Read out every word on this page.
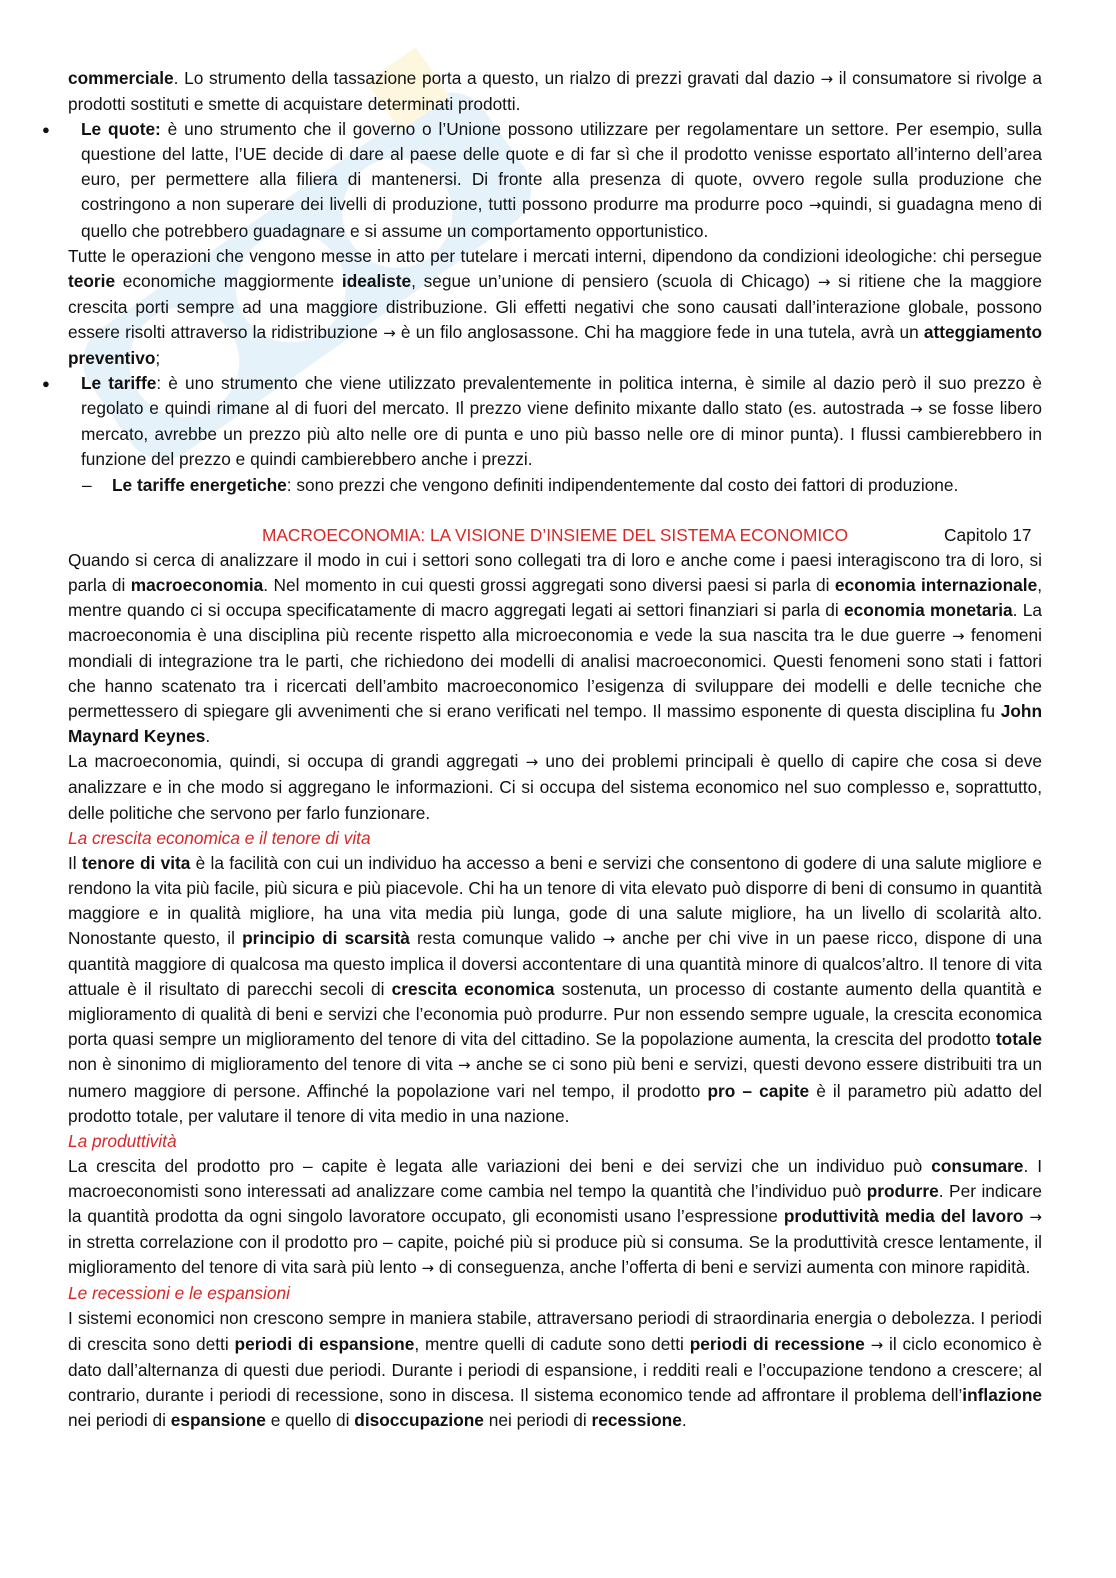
commerciale. Lo strumento della tassazione porta a questo, un rialzo di prezzi gravati dal dazio → il consumatore si rivolge a prodotti sostituti e smette di acquistare determinati prodotti.

● Le quote: è uno strumento che il governo o l’Unione possono utilizzare per regolamentare un settore. Per esempio, sulla questione del latte, l’UE decide di dare al paese delle quote e di far sì che il prodotto venisse esportato all’interno dell’area euro, per permettere alla filiera di mantenersi. Di fronte alla presenza di quote, ovvero regole sulla produzione che costringono a non superare dei livelli di produzione, tutti possono produrre ma produrre poco →quindi, si guadagna meno di quello che potrebbero guadagnare e si assume un comportamento opportunistico.

Tutte le operazioni che vengono messe in atto per tutelare i mercati interni, dipendono da condizioni ideologiche: chi persegue teorie economiche maggiormente idealiste, segue un’unione di pensiero (scuola di Chicago) → si ritiene che la maggiore crescita porti sempre ad una maggiore distribuzione. Gli effetti negativi che sono causati dall’interazione globale, possono essere risolti attraverso la ridistribuzione → è un filo anglosassone. Chi ha maggiore fede in una tutela, avrà un atteggiamento preventivo;

● Le tariffe: è uno strumento che viene utilizzato prevalentemente in politica interna, è simile al dazio però il suo prezzo è regolato e quindi rimane al di fuori del mercato. Il prezzo viene definito mixante dallo stato (es. autostrada → se fosse libero mercato, avrebbe un prezzo più alto nelle ore di punta e uno più basso nelle ore di minor punta). I flussi cambierebbero in funzione del prezzo e quindi cambierebbero anche i prezzi.

– Le tariffe energetiche: sono prezzi che vengono definiti indipendentemente dal costo dei fattori di produzione.

MACROECONOMIA: LA VISIONE D’INSIEME DEL SISTEMA ECONOMICO	Capitolo 17

Quando si cerca di analizzare il modo in cui i settori sono collegati tra di loro e anche come i paesi interagiscono tra di loro, si parla di macroeconomia. Nel momento in cui questi grossi aggregati sono diversi paesi si parla di economia internazionale, mentre quando ci si occupa specificatamente di macro aggregati legati ai settori finanziari si parla di economia monetaria. La macroeconomia è una disciplina più recente rispetto alla microeconomia e vede la sua nascita tra le due guerre → fenomeni mondiali di integrazione tra le parti, che richiedono dei modelli di analisi macroeconomici. Questi fenomeni sono stati i fattori che hanno scatenato tra i ricercati dell’ambito macroeconomico l’esigenza di sviluppare dei modelli e delle tecniche che permettessero di spiegare gli avvenimenti che si erano verificati nel tempo. Il massimo esponente di questa disciplina fu John Maynard Keynes.

La macroeconomia, quindi, si occupa di grandi aggregati → uno dei problemi principali è quello di capire che cosa si deve analizzare e in che modo si aggregano le informazioni. Ci si occupa del sistema economico nel suo complesso e, soprattutto, delle politiche che servono per farlo funzionare.

La crescita economica e il tenore di vita

Il tenore di vita è la facilità con cui un individuo ha accesso a beni e servizi che consentono di godere di una salute migliore e rendono la vita più facile, più sicura e più piacevole. Chi ha un tenore di vita elevato può disporre di beni di consumo in quantità maggiore e in qualità migliore, ha una vita media più lunga, gode di una salute migliore, ha un livello di scolarità alto. Nonostante questo, il principio di scarsità resta comunque valido → anche per chi vive in un paese ricco, dispone di una quantità maggiore di qualcosa ma questo implica il doversi accontentare di una quantità minore di qualcos’altro. Il tenore di vita attuale è il risultato di parecchi secoli di crescita economica sostenuta, un processo di costante aumento della quantità e miglioramento di qualità di beni e servizi che l’economia può produrre. Pur non essendo sempre uguale, la crescita economica porta quasi sempre un miglioramento del tenore di vita del cittadino. Se la popolazione aumenta, la crescita del prodotto totale non è sinonimo di miglioramento del tenore di vita → anche se ci sono più beni e servizi, questi devono essere distribuiti tra un numero maggiore di persone. Affinché la popolazione vari nel tempo, il prodotto pro – capite è il parametro più adatto del prodotto totale, per valutare il tenore di vita medio in una nazione.

La produttività

La crescita del prodotto pro – capite è legata alle variazioni dei beni e dei servizi che un individuo può consumare. I macroeconomisti sono interessati ad analizzare come cambia nel tempo la quantità che l’individuo può produrre. Per indicare la quantità prodotta da ogni singolo lavoratore occupato, gli economisti usano l’espressione produttività media del lavoro → in stretta correlazione con il prodotto pro – capite, poiché più si produce più si consuma. Se la produttività cresce lentamente, il miglioramento del tenore di vita sarà più lento → di conseguenza, anche l’offerta di beni e servizi aumenta con minore rapidità.

Le recessioni e le espansioni

I sistemi economici non crescono sempre in maniera stabile, attraversano periodi di straordinaria energia o debolezza. I periodi di crescita sono detti periodi di espansione, mentre quelli di cadute sono detti periodi di recessione → il ciclo economico è dato dall’alternanza di questi due periodi. Durante i periodi di espansione, i redditi reali e l’occupazione tendono a crescere; al contrario, durante i periodi di recessione, sono in discesa. Il sistema economico tende ad affrontare il problema dell’inflazione nei periodi di espansione e quello di disoccupazione nei periodi di recessione.
